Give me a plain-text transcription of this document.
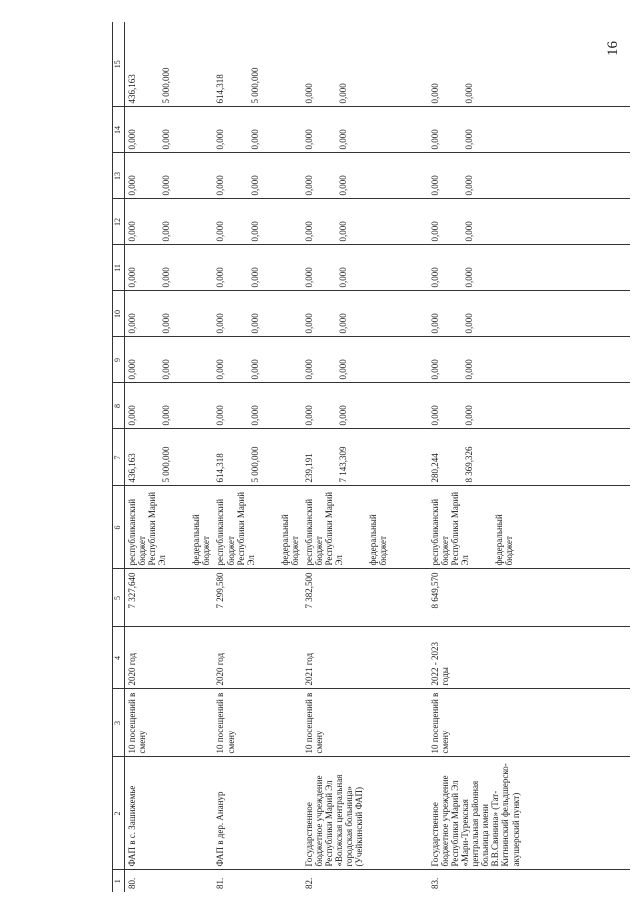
16
1	2	3	4	5	6	7	8	9	10	11	12	13	14	15
80.	ФАП в с. Зашижемье	10 посещений в смену	2020 год	7 327,640	республиканский бюджет Республики Марий Эл федеральный бюджет	436,163 5 000,000	0,000 0,000	0,000 0,000	0,000 0,000	0,000 0,000	0,000 0,000	0,000 0,000	0,000 0,000	436,163 5 000,000

81.	ФАП в дер. Ананур	10 посещений в смену	2020 год	7 299,580	республиканский бюджет Республики Марий Эл федеральный бюджет	614,318 5 000,000	0,000 0,000	0,000 0,000	0,000 0,000	0,000 0,000	0,000 0,000	0,000 0,000	0,000 0,000	614,318 5 000,000

82.	Государственное бюджетное учреждение Республики Марий Эл «Волжская центральная городская больница» (Учейкинский ФАП)	10 посещений в смену	2021 год	7 382,500	республиканский бюджет Республики Марий Эл федеральный бюджет	239,191 7 143,309	0,000 0,000	0,000 0,000	0,000 0,000	0,000 0,000	0,000 0,000	0,000 0,000	0,000 0,000	0,000 0,000

83.	Государственное бюджетное учреждение Республики Марий Эл «Мари-Турекская центральная районная больница имени В.В.Свинина» (Тат-Китнинский фельдшерско-акушерский пункт)	10 посещений в смену	2022 - 2023 годы	8 649,570	республиканский бюджет Республики Марий Эл федеральный бюджет	280,244 8 369,326	0,000 0,000	0,000 0,000	0,000 0,000	0,000 0,000	0,000 0,000	0,000 0,000	0,000 0,000	0,000 0,000
